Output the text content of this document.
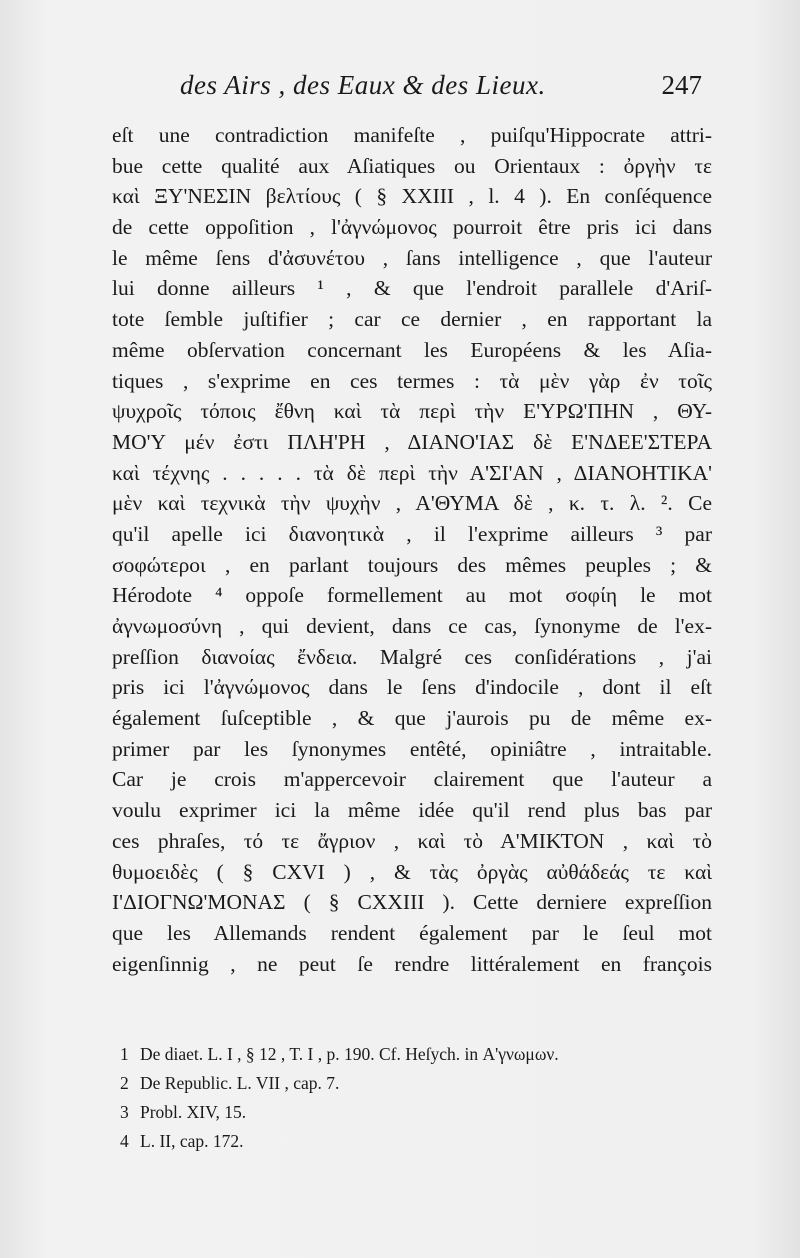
des Airs , des Eaux & des Lieux.	247
eſt une contradiction manifeſte , puiſqu'Hippocrate attri-
bue cette qualité aux Aſiatiques ou Orientaux : ὀργὴν τε
καὶ ΞΥ'ΝΕΣΙΝ βελτίους ( § XXIII , l. 4 ). En conſéquence
de cette oppoſition , l'ἀγνώμονος pourroit être pris ici dans
le même ſens d'ἀσυνέτου , ſans intelligence , que l'auteur
lui donne ailleurs ¹ , & que l'endroit parallele d'Ariſ-
tote ſemble juſtifier ; car ce dernier , en rapportant la
même obſervation concernant les Européens & les Aſia-
tiques , s'exprime en ces termes : τὰ μὲν γὰρ ἐν τοῖς
ψυχροῖς τόποις ἔθνη καὶ τὰ περὶ τὴν Ε'ΥΡΩ'ΠΗΝ , ΘΥ-
ΜΟ'Υ μέν ἐστι ΠΛΗ'ΡΗ , ΔΙΑΝΟ'ΙΑΣ δὲ Ε'ΝΔΕΕ'ΣΤΕΡΑ
καὶ τέχνης . . . . . τὰ δὲ περὶ τὴν Α'ΣΙ'ΑΝ , ΔΙΑΝΟΗΤΙΚΑ'
μὲν καὶ τεχνικὰ τὴν ψυχὴν , Α'ΘΥΜΑ δὲ , κ. τ. λ. ². Ce
qu'il apelle ici διανοητικὰ , il l'exprime ailleurs ³ par
σοφώτεροι , en parlant toujours des mêmes peuples ; &
Hérodote ⁴ oppoſe formellement au mot σοφίη le mot
ἀγνωμοσύνη , qui devient, dans ce cas, ſynonyme de l'ex-
preſſion διανοίας ἔνδεια. Malgré ces conſidérations , j'ai
pris ici l'ἀγνώμονος dans le ſens d'indocile , dont il eſt
également ſuſceptible , & que j'aurois pu de même ex-
primer par les ſynonymes entêté, opiniâtre , intraitable.
Car je crois m'appercevoir clairement que l'auteur a
voulu exprimer ici la même idée qu'il rend plus bas par
ces phraſes, τό τε ἄγριον , καὶ τὸ Α'ΜΙΚΤΟΝ , καὶ τὸ
θυμοειδὲς ( § CXVI ) , & τὰς ὀργὰς αὐθάδεάς τε καὶ
Ι'ΔΙΟΓΝΩ'ΜΟΝΑΣ ( § CXXIII ). Cette derniere expreſſion
que les Allemands rendent également par le ſeul mot
eigenſinnig , ne peut ſe rendre littéralement en françois
1 De diaet. L. I , § 12 , T. I , p. 190. Cf. Heſych. in Α'γνωμων.
2 De Republic. L. VII , cap. 7.
3 Probl. XIV, 15.
4 L. II, cap. 172.
